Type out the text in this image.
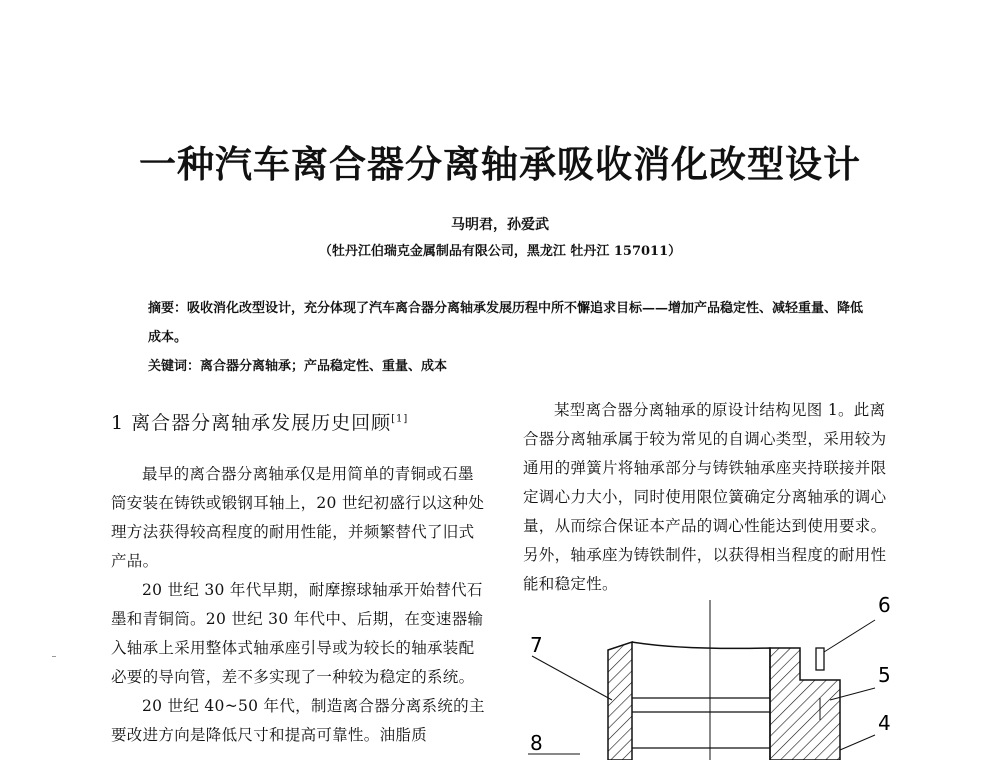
一种汽车离合器分离轴承吸收消化改型设计
马明君，孙爱武
（牡丹江伯瑞克金属制品有限公司，黑龙江 牡丹江 157011）
摘要：吸收消化改型设计，充分体现了汽车离合器分离轴承发展历程中所不懈追求目标——增加产品稳定性、减轻重量、降低成本。
关键词：离合器分离轴承；产品稳定性、重量、成本
1 离合器分离轴承发展历史回顾[1]

最早的离合器分离轴承仅是用简单的青铜或石墨筒安装在铸铁或锻钢耳轴上，20 世纪初盛行以这种处理方法获得较高程度的耐用性能，并频繁替代了旧式产品。

20 世纪 30 年代早期，耐摩擦球轴承开始替代石墨和青铜筒。20 世纪 30 年代中、后期，在变速器输入轴承上采用整体式轴承座引导或为较长的轴承装配必要的导向管，差不多实现了一种较为稳定的系统。

20 世纪 40~50 年代，制造离合器分离系统的主要改进方向是降低尺寸和提高可靠性。油脂质

某型离合器分离轴承的原设计结构见图 1。此离合器分离轴承属于较为常见的自调心类型，采用较为通用的弹簧片将轴承部分与铸铁轴承座夹持联接并限定调心力大小，同时使用限位簧确定分离轴承的调心量，从而综合保证本产品的调心性能达到使用要求。另外，轴承座为铸铁制件，以获得相当程度的耐用性能和稳定性。

6
7
5
8
4
